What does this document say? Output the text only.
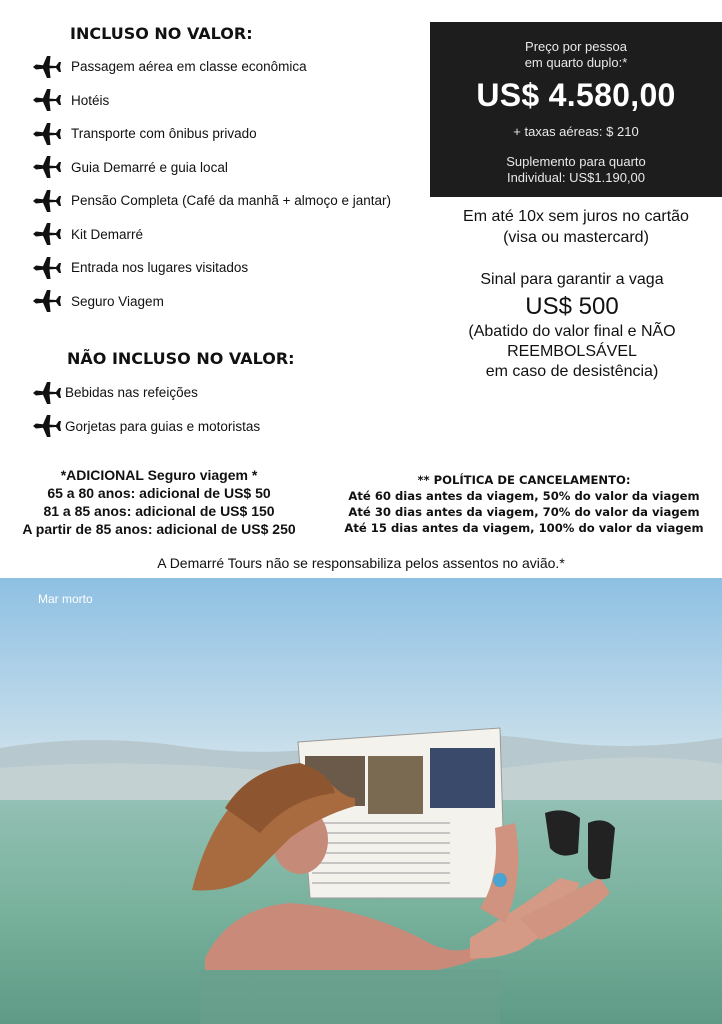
INCLUSO NO VALOR:
Passagem aérea em classe econômica
Hotéis
Transporte com ônibus privado
Guia Demarré e guia local
Pensão Completa (Café da manhã + almoço e jantar)
Kit Demarré
Entrada nos lugares visitados
Seguro Viagem
NÃO INCLUSO NO VALOR:
Bebidas nas refeições
Gorjetas para guias e motoristas
Preço por pessoa
em quarto duplo:*
US$ 4.580,00
+ taxas aéreas: $ 210
Suplemento para quarto
Individual: US$1.190,00
Em até 10x sem juros no cartão
(visa ou mastercard)
Sinal para garantir a vaga
US$ 500
(Abatido do valor final e NÃO
REEMBOLSÁVEL
em caso de desistência)
*ADICIONAL Seguro viagem *
65 a 80 anos: adicional de US$ 50
81 a 85 anos: adicional de US$ 150
A partir de 85 anos: adicional de US$ 250
** POLÍTICA DE CANCELAMENTO:
Até 60 dias antes da viagem, 50% do valor da viagem
Até 30 dias antes da viagem, 70% do valor da viagem
Até 15 dias antes da viagem, 100% do valor da viagem
A Demarré Tours não se responsabiliza pelos assentos no avião.*
Mar morto
